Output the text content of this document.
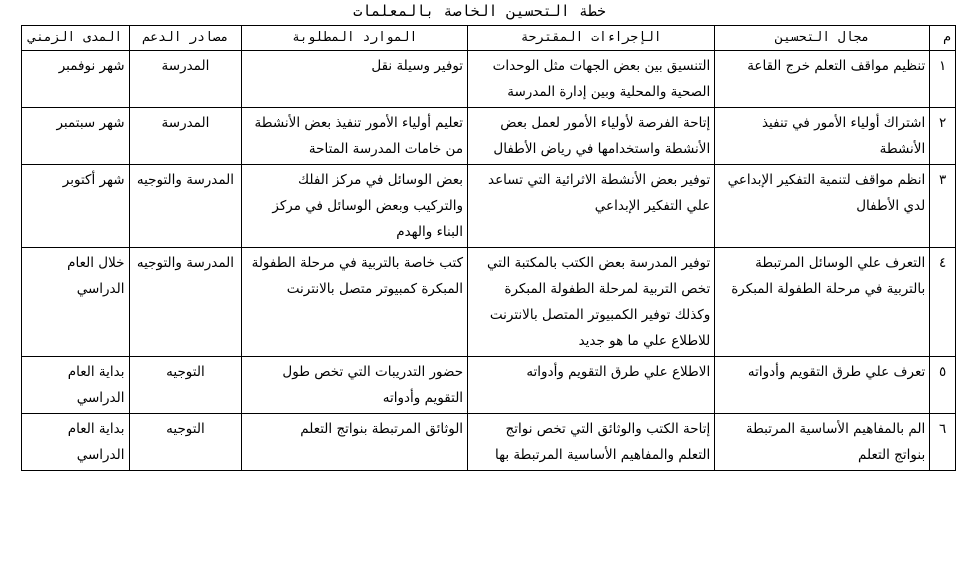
خطة التحسين الخاصة بالمعلمات
م	مجال التحسين	الإجراءات المقترحة	الموارد المطلوبة	مصادر الدعم	المدى الزمني
١	تنظيم مواقف التعلم خرج القاعة	التنسيق بين بعض الجهات مثل الوحدات الصحية والمحلية وبين إدارة المدرسة	توفير وسيلة نقل	المدرسة	شهر نوفمبر
٢	اشتراك أولياء الأمور في تنفيذ الأنشطة	إتاحة الفرصة لأولياء الأمور لعمل بعض الأنشطة واستخدامها في رياض الأطفال	تعليم أولياء الأمور تنفيذ بعض الأنشطة من خامات المدرسة المتاحة	المدرسة	شهر سبتمبر
٣	انظم مواقف لتنمية التفكير الإبداعي لدي الأطفال	توفير بعض الأنشطة الاثرائية التي تساعد علي التفكير الإبداعي	بعض الوسائل في مركز الفلك والتركيب وبعض الوسائل في مركز البناء والهدم	المدرسة والتوجيه	شهر أكتوبر
٤	التعرف علي الوسائل المرتبطة بالتربية في مرحلة الطفولة المبكرة	توفير المدرسة بعض الكتب بالمكتبة التي تخص التربية لمرحلة الطفولة المبكرة وكذلك توفير الكمبيوتر المتصل بالانترنت للاطلاع علي ما هو جديد	كتب خاصة بالتربية في مرحلة الطفولة المبكرة كمبيوتر متصل بالانترنت	المدرسة والتوجيه	خلال العام الدراسي
٥	تعرف علي طرق التقويم وأدواته	الاطلاع علي طرق التقويم وأدواته	حضور التدريبات التي تخص طول التقويم وأدواته	التوجيه	بداية العام الدراسي
٦	الم بالمفاهيم الأساسية المرتبطة بنواتج التعلم	إتاحة الكتب والوثائق التي تخص نواتج التعلم والمفاهيم الأساسية المرتبطة بها	الوثائق المرتبطة بنواتج التعلم	التوجيه	بداية العام الدراسي
